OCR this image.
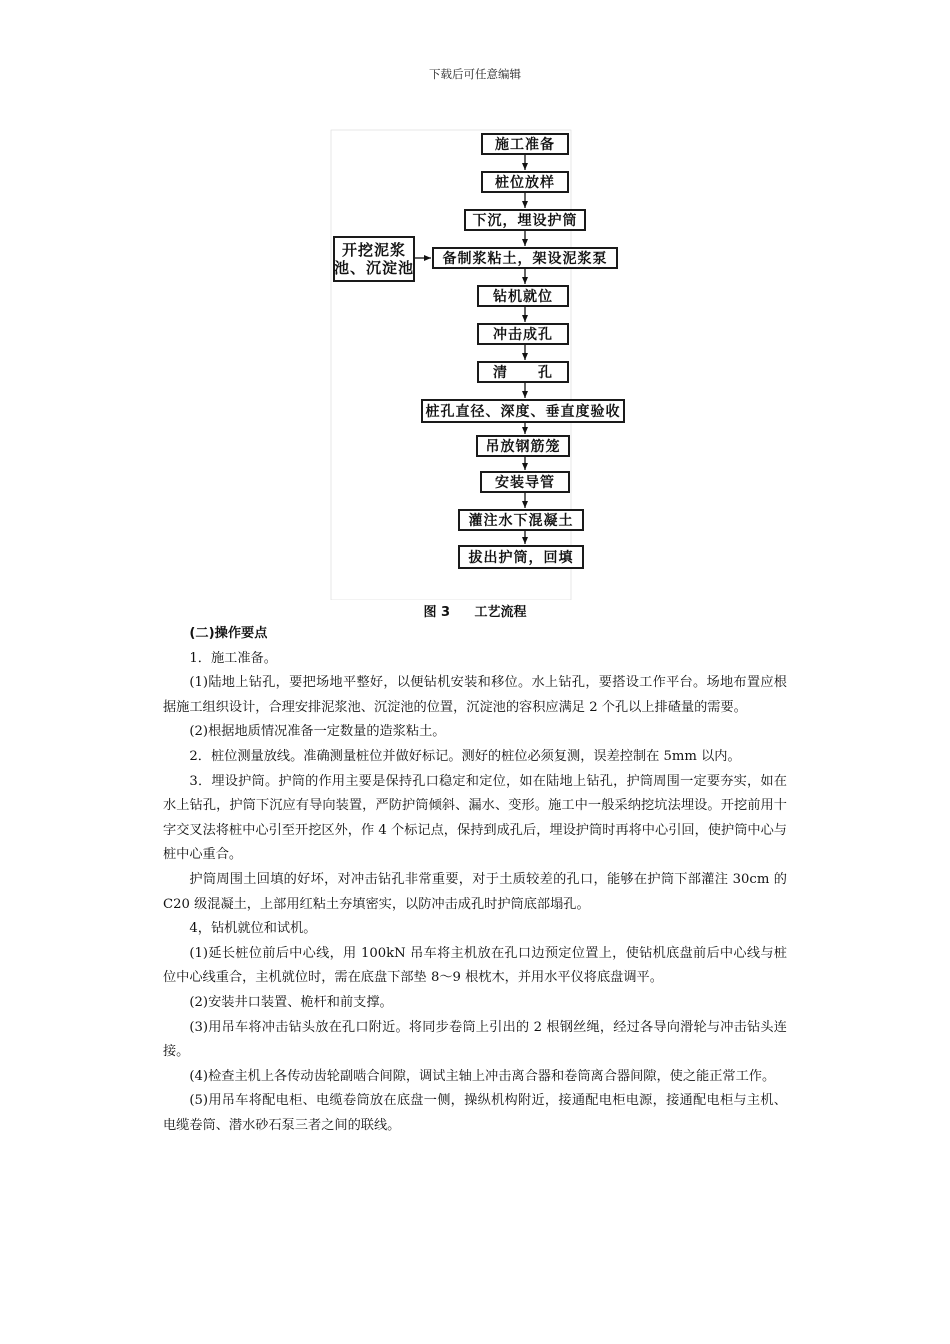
下载后可任意编辑
施工准备
桩位放样
下沉，埋设护筒
备制浆粘土，架设泥浆泵
钻机就位
冲击成孔
清　　孔
桩孔直径、深度、垂直度验收
吊放钢筋笼
安装导管
灌注水下混凝土
拔出护筒，回填
开挖泥浆
池、沉淀池
图 3 工艺流程

(二)操作要点

1．施工准备。

(1)陆地上钻孔，要把场地平整好，以便钻机安装和移位。水上钻孔，要搭设工作平台。场地布置应根据施工组织设计，合理安排泥浆池、沉淀池的位置，沉淀池的容积应满足 2 个孔以上排碴量的需要。

(2)根据地质情况准备一定数量的造浆粘土。

2．桩位测量放线。准确测量桩位并做好标记。测好的桩位必须复测，误差控制在 5mm 以内。

3．埋设护筒。护筒的作用主要是保持孔口稳定和定位，如在陆地上钻孔，护筒周围一定要夯实，如在水上钻孔，护筒下沉应有导向装置，严防护筒倾斜、漏水、变形。施工中一般采纳挖坑法埋设。开挖前用十字交叉法将桩中心引至开挖区外，作 4 个标记点，保持到成孔后，埋设护筒时再将中心引回，使护筒中心与桩中心重合。

护筒周围土回填的好坏，对冲击钻孔非常重要，对于土质较差的孔口，能够在护筒下部灌注 30cm 的 C20 级混凝土，上部用红粘土夯填密实，以防冲击成孔时护筒底部塌孔。

4，钻机就位和试机。

(1)延长桩位前后中心线，用 100kN 吊车将主机放在孔口边预定位置上，使钻机底盘前后中心线与桩位中心线重合，主机就位时，需在底盘下部垫 8～9 根枕木，并用水平仪将底盘调平。

(2)安装井口装置、桅杆和前支撑。

(3)用吊车将冲击钻头放在孔口附近。将同步卷筒上引出的 2 根钢丝绳，经过各导向滑轮与冲击钻头连接。

(4)检查主机上各传动齿轮副啮合间隙，调试主轴上冲击离合器和卷筒离合器间隙，使之能正常工作。

(5)用吊车将配电柜、电缆卷筒放在底盘一侧，操纵机构附近，接通配电柜电源，接通配电柜与主机、电缆卷筒、潜水砂石泵三者之间的联线。
